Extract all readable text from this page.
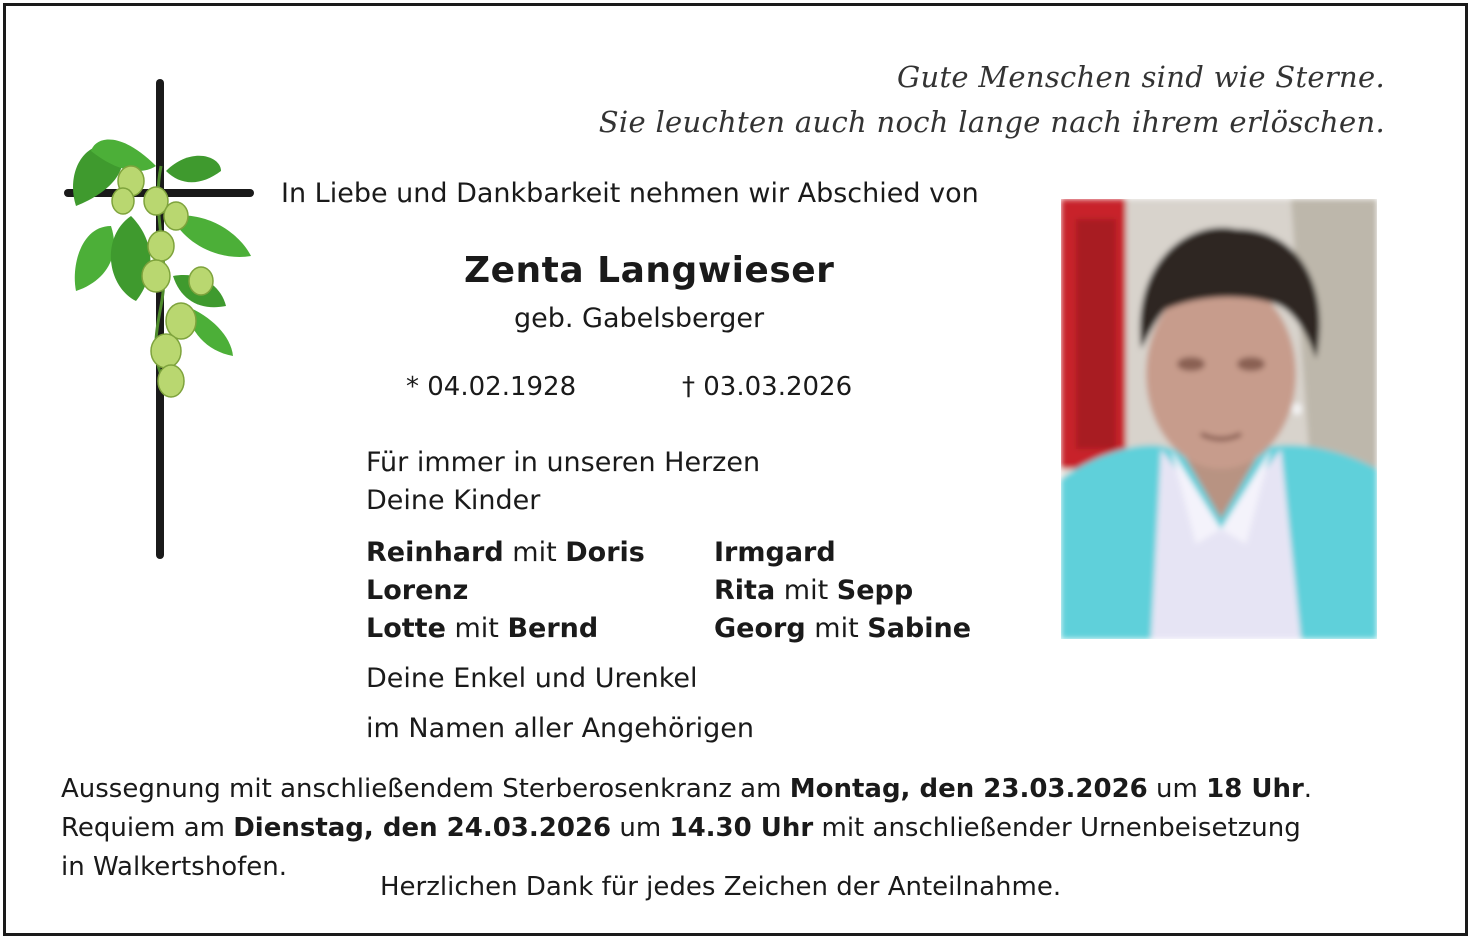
Gute Menschen sind wie Sterne.
Sie leuchten auch noch lange nach ihrem erlöschen.
In Liebe und Dankbarkeit nehmen wir Abschied von
Zenta Langwieser
geb. Gabelsberger
* 04.02.1928	† 03.03.2026
Für immer in unseren Herzen
Deine Kinder
Reinhard mit Doris
Lorenz
Lotte mit Bernd
Irmgard
Rita mit Sepp
Georg mit Sabine
Deine Enkel und Urenkel
im Namen aller Angehörigen
Aussegnung mit anschließendem Sterberosenkranz am Montag, den 23.03.2026 um 18 Uhr.
Requiem am Dienstag, den 24.03.2026 um 14.30 Uhr mit anschließender Urnenbeisetzung
in Walkertshofen.
Herzlichen Dank für jedes Zeichen der Anteilnahme.
